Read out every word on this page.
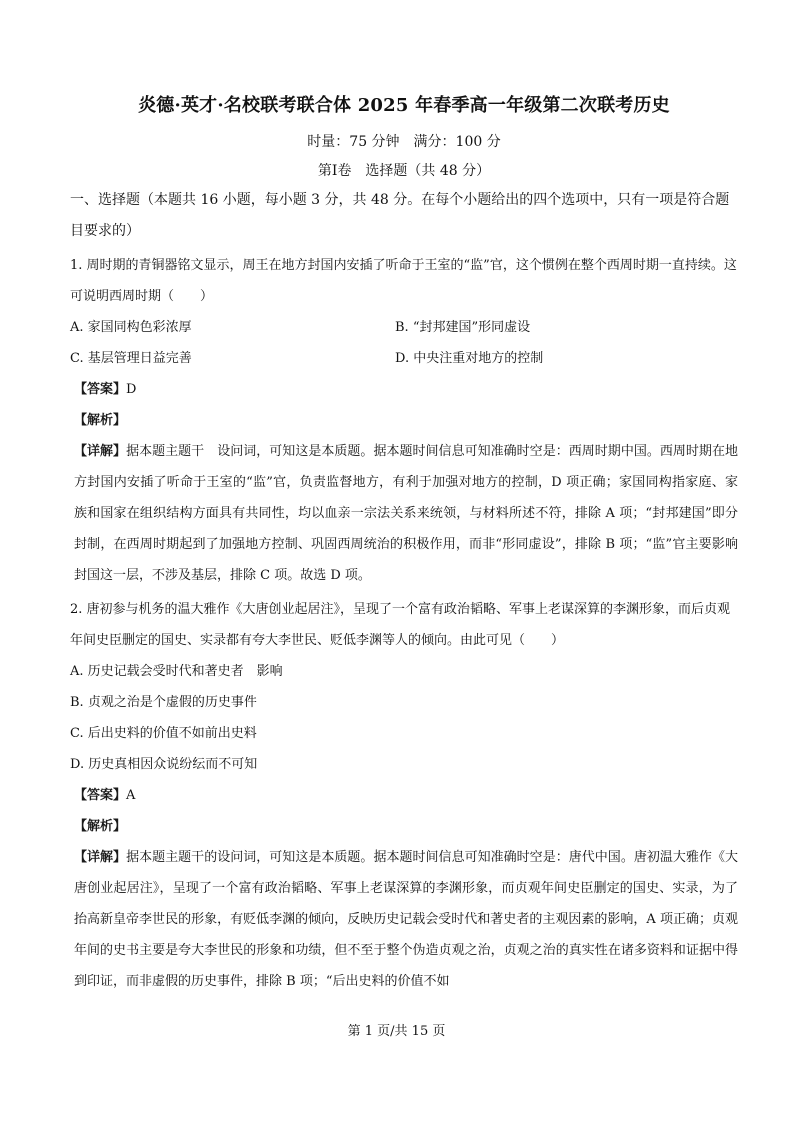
炎德·英才·名校联考联合体 2025 年春季高一年级第二次联考历史
时量：75 分钟　满分：100 分
第Ⅰ卷　选择题（共 48 分）
一、选择题（本题共 16 小题，每小题 3 分，共 48 分。在每个小题给出的四个选项中，只有一项是符合题目要求的）
1. 周时期的青铜器铭文显示，周王在地方封国内安插了听命于王室的“监”官，这个惯例在整个西周时期一直持续。这可说明西周时期（　　）
A. 家国同构色彩浓厚	B. “封邦建国”形同虚设
C. 基层管理日益完善	D. 中央注重对地方的控制
【答案】D
【解析】
【详解】据本题主题干　设问词，可知这是本质题。据本题时间信息可知准确时空是：西周时期中国。西周时期在地方封国内安插了听命于王室的“监”官，负责监督地方，有利于加强对地方的控制，D 项正确；家国同构指家庭、家族和国家在组织结构方面具有共同性，均以血亲一宗法关系来统领，与材料所述不符，排除 A 项；“封邦建国”即分封制，在西周时期起到了加强地方控制、巩固西周统治的积极作用，而非“形同虚设”，排除 B 项；“监”官主要影响封国这一层，不涉及基层，排除 C 项。故选 D 项。
2. 唐初参与机务的温大雅作《大唐创业起居注》，呈现了一个富有政治韬略、军事上老谋深算的李渊形象，而后贞观年间史臣删定的国史、实录都有夸大李世民、贬低李渊等人的倾向。由此可见（　　）
A. 历史记载会受时代和著史者　影响
B. 贞观之治是个虚假的历史事件
C. 后出史料的价值不如前出史料
D. 历史真相因众说纷纭而不可知
【答案】A
【解析】
【详解】据本题主题干的设问词，可知这是本质题。据本题时间信息可知准确时空是：唐代中国。唐初温大雅作《大唐创业起居注》，呈现了一个富有政治韬略、军事上老谋深算的李渊形象，而贞观年间史臣删定的国史、实录，为了抬高新皇帝李世民的形象，有贬低李渊的倾向，反映历史记载会受时代和著史者的主观因素的影响，A 项正确；贞观年间的史书主要是夸大李世民的形象和功绩，但不至于整个伪造贞观之治，贞观之治的真实性在诸多资料和证据中得到印证，而非虚假的历史事件，排除 B 项；“后出史料的价值不如
第 1 页/共 15 页
